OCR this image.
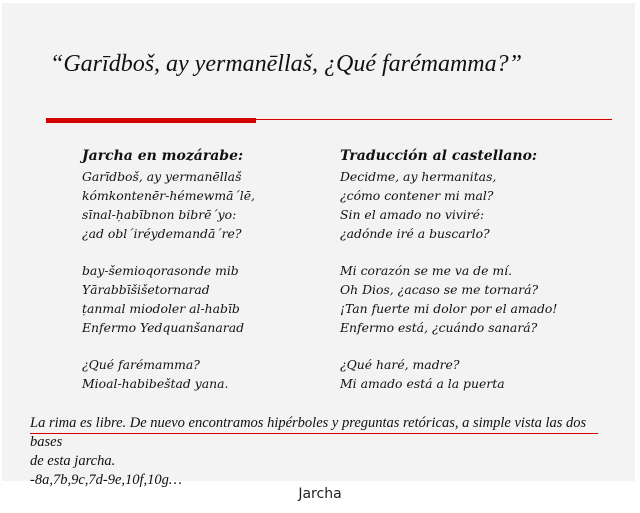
“Garīdboš, ay yermanēllaš, ¿Qué farémamma?”
Jarcha en mozárabe:
Garīdboš, ay yermanēllaš
kómkontenēr-hémewmā´lē,
sīnal-ḥabībnon bibrē´yo:
¿ad obl´iréydemandā´re?
bay-šemioqorasonde mib
Yārabbīšišetornarad
ṭanmal miodoler al-habīb
Enfermo Yedquanšanarad
¿Qué farémamma?
Mioal-habibeštad yana.
Traducción al castellano:
Decidme, ay hermanitas,
¿cómo contener mi mal?
Sin el amado no viviré:
¿adónde iré a buscarlo?
Mi corazón se me va de mí.
Oh Dios, ¿acaso se me tornará?
¡Tan fuerte mi dolor por el amado!
Enfermo está, ¿cuándo sanará?
¿Qué haré, madre?
Mi amado está a la puerta
La rima es libre. De nuevo encontramos hipérboles y preguntas retóricas, a simple vista las dos bases
de esta jarcha.
-8a,7b,9c,7d-9e,10f,10g…
Jarcha
